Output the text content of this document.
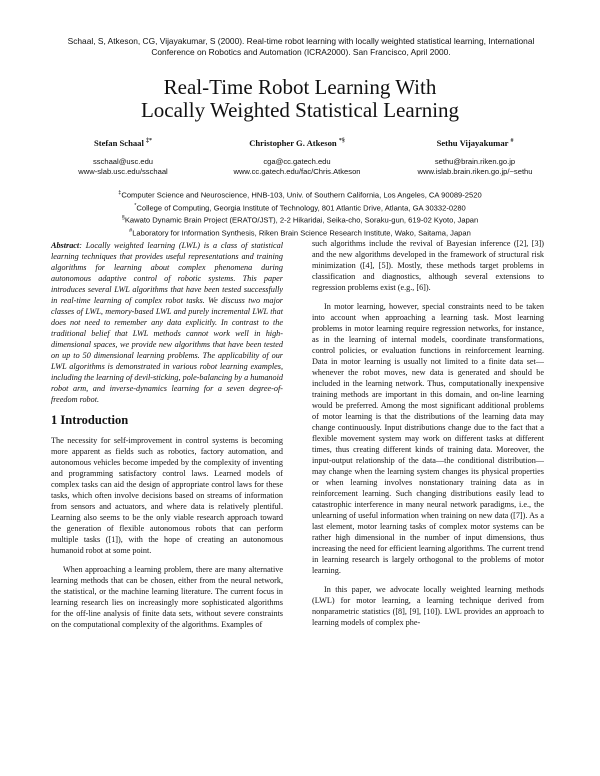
Schaal, S, Atkeson, CG, Vijayakumar, S (2000). Real-time robot learning with locally weighted statistical learning, International Conference on Robotics and Automation (ICRA2000). San Francisco, April 2000.
Real-Time Robot Learning With
Locally Weighted Statistical Learning
Stefan Schaal ‡*
sschaal@usc.edu
www-slab.usc.edu/sschaal
Christopher G. Atkeson *§
cga@cc.gatech.edu
www.cc.gatech.edu/fac/Chris.Atkeson
Sethu Vijayakumar #
sethu@brain.riken.go.jp
www.islab.brain.riken.go.jp/~sethu
‡Computer Science and Neuroscience, HNB-103, Univ. of Southern California, Los Angeles, CA 90089-2520
*College of Computing, Georgia Institute of Technology, 801 Atlantic Drive, Atlanta, GA 30332-0280
§Kawato Dynamic Brain Project (ERATO/JST), 2-2 Hikaridai, Seika-cho, Soraku-gun, 619-02 Kyoto, Japan
#Laboratory for Information Synthesis, Riken Brain Science Research Institute, Wako, Saitama, Japan

Abstract: Locally weighted learning (LWL) is a class of statistical learning techniques that provides useful representations and training algorithms for learning about complex phenomena during autonomous adaptive control of robotic systems. This paper introduces several LWL algorithms that have been tested successfully in real-time learning of complex robot tasks. We discuss two major classes of LWL, memory-based LWL and purely incremental LWL that does not need to remember any data explicitly. In contrast to the traditional belief that LWL methods cannot work well in high-dimensional spaces, we provide new algorithms that have been tested on up to 50 dimensional learning problems. The applicability of our LWL algorithms is demonstrated in various robot learning examples, including the learning of devil-sticking, pole-balancing by a humanoid robot arm, and inverse-dynamics learning for a seven degree-of-freedom robot.

1 Introduction

The necessity for self-improvement in control systems is becoming more apparent as fields such as robotics, factory automation, and autonomous vehicles become impeded by the complexity of inventing and programming satisfactory control laws. Learned models of complex tasks can aid the design of appropriate control laws for these tasks, which often involve decisions based on streams of information from sensors and actuators, and where data is relatively plentiful. Learning also seems to be the only viable research approach toward the generation of flexible autonomous robots that can perform multiple tasks ([1]), with the hope of creating an autonomous humanoid robot at some point.

When approaching a learning problem, there are many alternative learning methods that can be chosen, either from the neural network, the statistical, or the machine learning literature. The current focus in learning research lies on increasingly more sophisticated algorithms for the off-line analysis of finite data sets, without severe constraints on the computational complexity of the algorithms. Examples of

such algorithms include the revival of Bayesian inference ([2], [3]) and the new algorithms developed in the framework of structural risk minimization ([4], [5]). Mostly, these methods target problems in classification and diagnostics, although several extensions to regression problems exist (e.g., [6]).

In motor learning, however, special constraints need to be taken into account when approaching a learning task. Most learning problems in motor learning require regression networks, for instance, as in the learning of internal models, coordinate transformations, control policies, or evaluation functions in reinforcement learning. Data in motor learning is usually not limited to a finite data set—whenever the robot moves, new data is generated and should be included in the learning network. Thus, computationally inexpensive training methods are important in this domain, and on-line learning would be preferred. Among the most significant additional problems of motor learning is that the distributions of the learning data may change continuously. Input distributions change due to the fact that a flexible movement system may work on different tasks at different times, thus creating different kinds of training data. Moreover, the input-output relationship of the data—the conditional distribution—may change when the learning system changes its physical properties or when learning involves nonstationary training data as in reinforcement learning. Such changing distributions easily lead to catastrophic interference in many neural network paradigms, i.e., the unlearning of useful information when training on new data ([7]). As a last element, motor learning tasks of complex motor systems can be rather high dimensional in the number of input dimensions, thus increasing the need for efficient learning algorithms. The current trend in learning research is largely orthogonal to the problems of motor learning.

In this paper, we advocate locally weighted learning methods (LWL) for motor learning, a learning technique derived from nonparametric statistics ([8], [9], [10]). LWL provides an approach to learning models of complex phe-
